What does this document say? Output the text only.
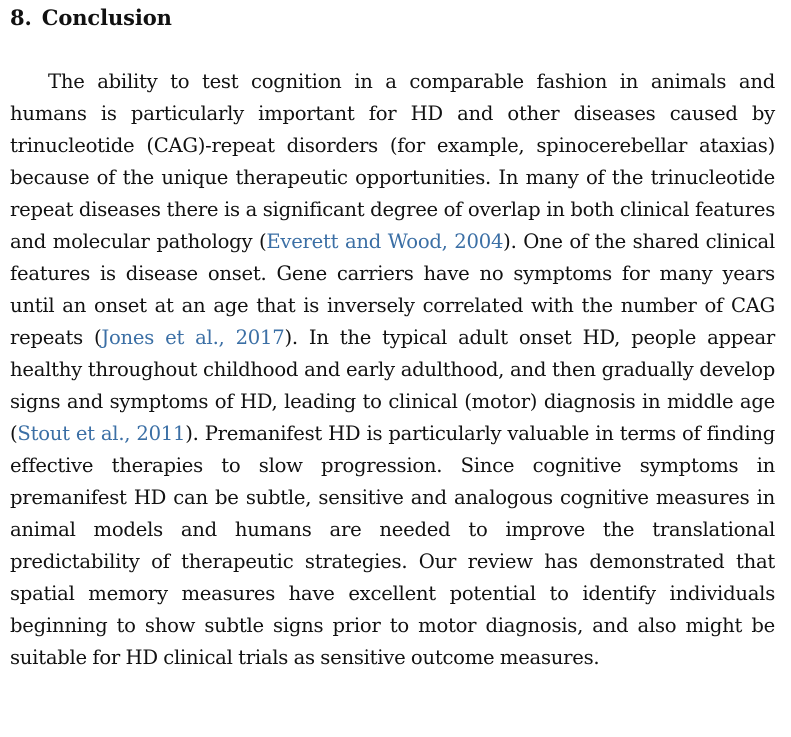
8. Conclusion

The ability to test cognition in a comparable fashion in animals and humans is particularly important for HD and other diseases caused by trinucleotide (CAG)-repeat disorders (for example, spinocerebellar ataxias) because of the unique therapeutic opportunities. In many of the trinucleotide repeat diseases there is a significant degree of overlap in both clinical features and molecular pathology (Everett and Wood, 2004). One of the shared clinical features is disease onset. Gene carriers have no symptoms for many years until an onset at an age that is inversely correlated with the number of CAG repeats (Jones et al., 2017). In the typical adult onset HD, people appear healthy throughout childhood and early adulthood, and then gradually develop signs and symptoms of HD, leading to clinical (motor) diagnosis in middle age (Stout et al., 2011). Premanifest HD is particularly valuable in terms of finding effective therapies to slow progression. Since cognitive symptoms in premanifest HD can be subtle, sensitive and analogous cognitive measures in animal models and humans are needed to improve the translational predictability of therapeutic strategies. Our review has demonstrated that spatial memory measures have excellent potential to identify individuals beginning to show subtle signs prior to motor diagnosis, and also might be suitable for HD clinical trials as sensitive outcome measures.
